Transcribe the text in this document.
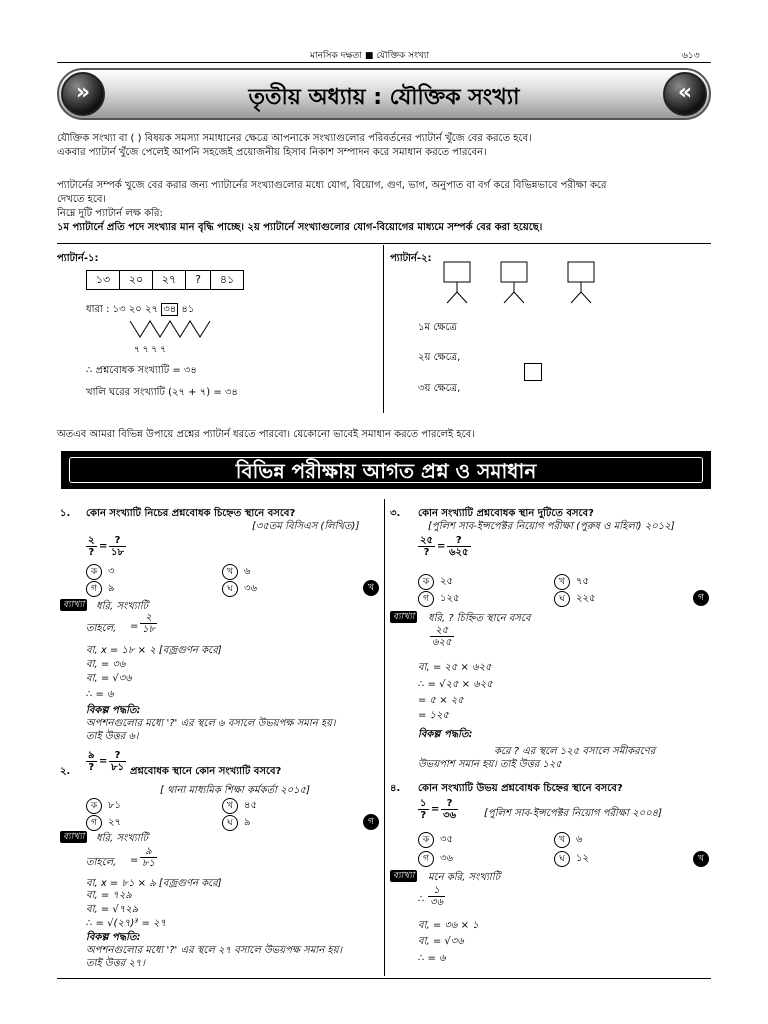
মানসিক দক্ষতা ■ যৌক্তিক সংখ্যা	৬১৩
»	তৃতীয় অধ্যায় : যৌক্তিক সংখ্যা	«
যৌক্তিক সংখ্যা বা ( ) বিষয়ক সমস্যা সমাধানের ক্ষেত্রে আপনাকে সংখ্যাগুলোর পরিবর্তনের প্যাটার্ন খুঁজে বের করতে হবে।
একবার প্যাটার্ন খুঁজে পেলেই আপনি সহজেই প্রয়োজনীয় হিসাব নিকাশ সম্পাদন করে সমাধান করতে পারবেন।
প্যাটার্নের সম্পর্ক খুজে বের করার জন্য প্যাটার্নের সংখ্যাগুলোর মধ্যে যোগ, বিয়োগ, গুণ, ভাগ, অনুপাত বা বর্গ করে বিভিন্নভাবে পরীক্ষা করে
দেখতে হবে।
নিম্নে দুটি প্যাটার্ন লক্ষ করি:
১ম প্যাটার্নে প্রতি পদে সংখ্যার মান বৃদ্ধি পাচ্ছে। ২য় প্যাটার্নে সংখ্যাগুলোর যোগ-বিয়োগের মাধ্যমে সম্পর্ক বের করা হয়েছে।
প্যাটার্ন-১:
১৩	২০	২৭	?	৪১
ধারা : ১৩ ২০ ২৭ ৩৪ ৪১
৭ ৭ ৭ ৭
∴ প্রশ্নবোধক সংখ্যাটি = ৩৪
খালি ঘরের সংখ্যাটি (২৭ + ৭) = ৩৪
প্যাটার্ন-২:
১ম ক্ষেত্রে
২য় ক্ষেত্রে,
৩য় ক্ষেত্রে,
অতএব আমরা বিভিন্ন উপায়ে প্রশ্নের প্যাটার্ন ধরতে পারবো। যেকোনো ভাবেই সমাধান করতে পারলেই হবে।
বিভিন্ন পরীক্ষায় আগত প্রশ্ন ও সমাধান
১. কোন সংখ্যাটি নিচের প্রশ্নবোধক চিহ্নেত স্থানে বসবে?
[৩৫তম বিসিএস (লিখিত)]
২
?
=
?
১৮
ক ৩	খ ৬
গ ৯	ঘ ৩৬	খ
ব্যাখ্যা	ধরি, সংখ্যাটি
তাহলে,
২
১৮
=
বা, x = ১৮ × ২ [বজ্রগুণন করে]
বা, = ৩৬
বা, = √৩৬
∴ = ৬
বিকল্প পদ্ধতি:
অপশনগুলোর মধ্যে '?' এর স্থলে ৬ বসালে উভয়পক্ষ সমান হয়।
তাই উত্তর ৬।
২.
৯
?
=
?
৮১ প্রশ্নবোধক স্থানে কোন সংখ্যাটি বসবে?
[ থানা মাধ্যমিক শিক্ষা কর্মকর্তা ২০১৫]
ক ৮১	খ ৪৫
গ ২৭	ঘ ৯	গ
ব্যাখ্যা	ধরি, সংখ্যাটি
তাহলে, =
৯
৮১
বা, x = ৮১ × ৯ [বজ্রগুণন করে]
বা, = ৭২৯
বা, = √৭২৯
∴ = √(২৭)³ = ২৭
বিকল্প পদ্ধতি:
অপশনগুলোর মধ্যে '?' এর স্থলে ২৭ বসালে উভয়পক্ষ সমান হয়।
তাই উত্তর ২৭।
৩. কোন সংখ্যাটি প্রশ্নবোধক স্থান দুটিতে বসবে?
[পুলিশ সাব-ইন্সপেক্টর নিয়োগ পরীক্ষা (পুরুষ ও মহিলা) ২০১২]
২৫
?
=
?
৬২৫
ক ২৫	খ ৭৫
গ ১২৫	ঘ ২২৫	গ
ব্যাখ্যা	ধরি, ? চিহ্নিত স্থানে বসবে
২৫
৬২৫
বা, = ২৫ × ৬২৫
∴ = √২৫ × ৬২৫
= ৫ × ২৫
= ১২৫
বিকল্প পদ্ধতি:
করে ? এর স্থলে ১২৫ বসালে সমীকরণের
উভয়পাশ সমান হয়। তাই উত্তর ১২৫
৪. কোন সংখ্যাটি উভয় প্রশ্নবোধক চিহ্নের স্থানে বসবে?
১
?
=
?
৩৬	[পুলিশ সাব-ইন্সপেক্টর নিয়োগ পরীক্ষা ২০০৪]
ক ৩৫	খ ৬
গ ৩৬	ঘ ১২	খ
ব্যাখ্যা	মনে করি, সংখ্যাটি
∴
১
৩৬
বা, = ৩৬ × ১
বা, = √৩৬
∴ = ৬
